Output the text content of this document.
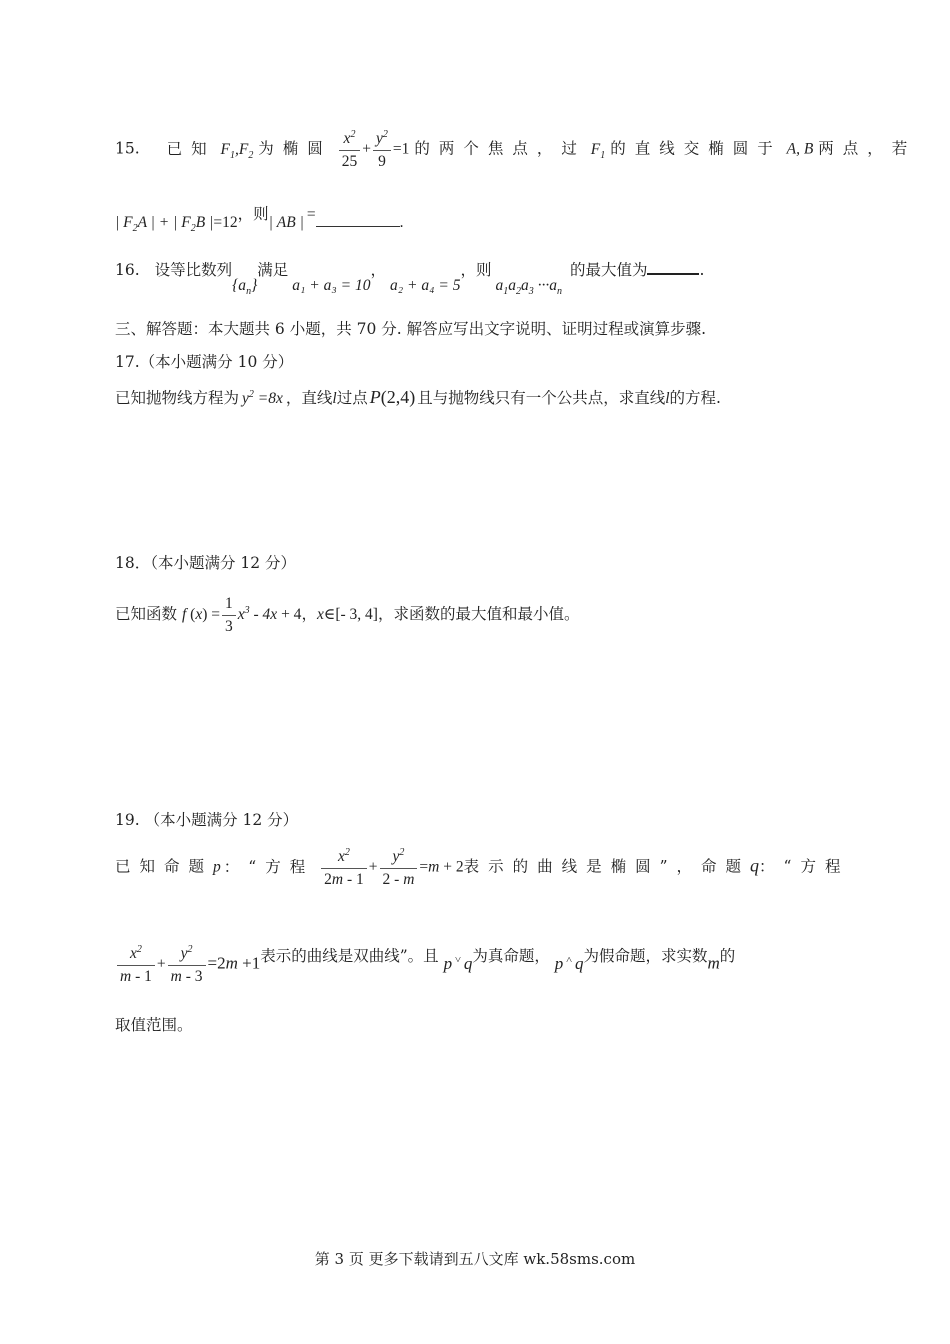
15. 已知 $F_1,F_2$ 为椭圆 $\frac{x^2}{25} + \frac{y^2}{9} =1$ 的两个焦点，过 $F_1$ 的直线交椭圆于 A, B 两点，若
| $F_2A$ | + | $F_2B$ |=12，则| AB | =	.
16. 设等比数列$\{a_n\}$满足a₁ + a₃ = 10，a₂ + a₄ = 5，则$a_1a_2a_3 \cdot\cdot\cdot a_n$的最大值为	.
三、解答题：本大题共 6 小题，共 70 分. 解答应写出文字说明、证明过程或演算步骤.
17.（本小题满分 10 分）
已知抛物线方程为 $y^2 =8x$ ，直线l过点 P(2,4) 且与抛物线只有一个公共点，求直线l的方程.
18．（本小题满分 12 分）
已知函数 f $(x) = \frac{1}{3} x^3 - 4x + 4$，x∈[- 3, 4]，求函数的最大值和最小值。
19. （本小题满分 12 分）
已知命题p ：“方程 $\frac{x^2}{2m - 1} + \frac{y^2}{2 - m} =m + 2$表示的曲线是椭圆”，命题q：“方程
$\frac{x^2}{m - 1} + \frac{y^2}{m - 3} =2m +1$表示的曲线是双曲线”。且 p ˅ q为真命题， p ˄ q为假命题，求实数m的
取值范围。
第 3 页 更多下载请到五八文库 wk.58sms.com
